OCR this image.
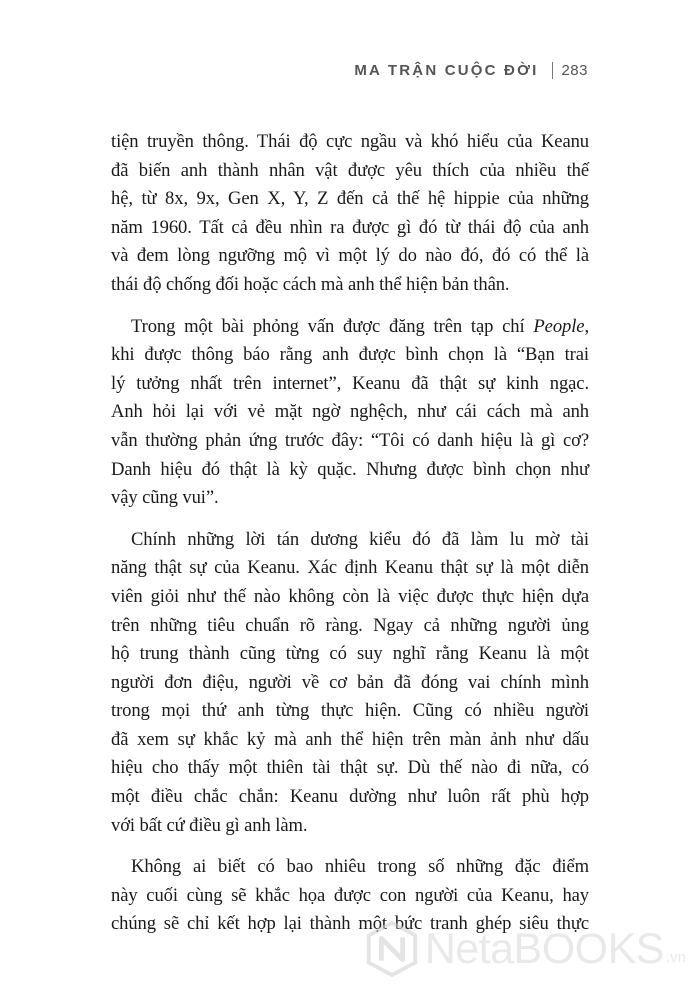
MA TRẬN CUỘC ĐỜI 283

tiện truyền thông. Thái độ cực ngầu và khó hiểu của Keanu
đã biến anh thành nhân vật được yêu thích của nhiều thế
hệ, từ 8x, 9x, Gen X, Y, Z đến cả thế hệ hippie của những
năm 1960. Tất cả đều nhìn ra được gì đó từ thái độ của anh
và đem lòng ngưỡng mộ vì một lý do nào đó, đó có thể là
thái độ chống đối hoặc cách mà anh thể hiện bản thân.

Trong một bài phỏng vấn được đăng trên tạp chí People,
khi được thông báo rằng anh được bình chọn là “Bạn trai
lý tưởng nhất trên internet”, Keanu đã thật sự kinh ngạc.
Anh hỏi lại với vẻ mặt ngờ nghệch, như cái cách mà anh
vẫn thường phản ứng trước đây: “Tôi có danh hiệu là gì cơ?
Danh hiệu đó thật là kỳ quặc. Nhưng được bình chọn như
vậy cũng vui”.

Chính những lời tán dương kiểu đó đã làm lu mờ tài
năng thật sự của Keanu. Xác định Keanu thật sự là một diễn
viên giỏi như thế nào không còn là việc được thực hiện dựa
trên những tiêu chuẩn rõ ràng. Ngay cả những người ủng
hộ trung thành cũng từng có suy nghĩ rằng Keanu là một
người đơn điệu, người về cơ bản đã đóng vai chính mình
trong mọi thứ anh từng thực hiện. Cũng có nhiều người
đã xem sự khắc kỷ mà anh thể hiện trên màn ảnh như dấu
hiệu cho thấy một thiên tài thật sự. Dù thế nào đi nữa, có
một điều chắc chắn: Keanu dường như luôn rất phù hợp
với bất cứ điều gì anh làm.

Không ai biết có bao nhiêu trong số những đặc điểm
này cuối cùng sẽ khắc họa được con người của Keanu, hay
chúng sẽ chỉ kết hợp lại thành một bức tranh ghép siêu thực

NetaBOOKS .vn
